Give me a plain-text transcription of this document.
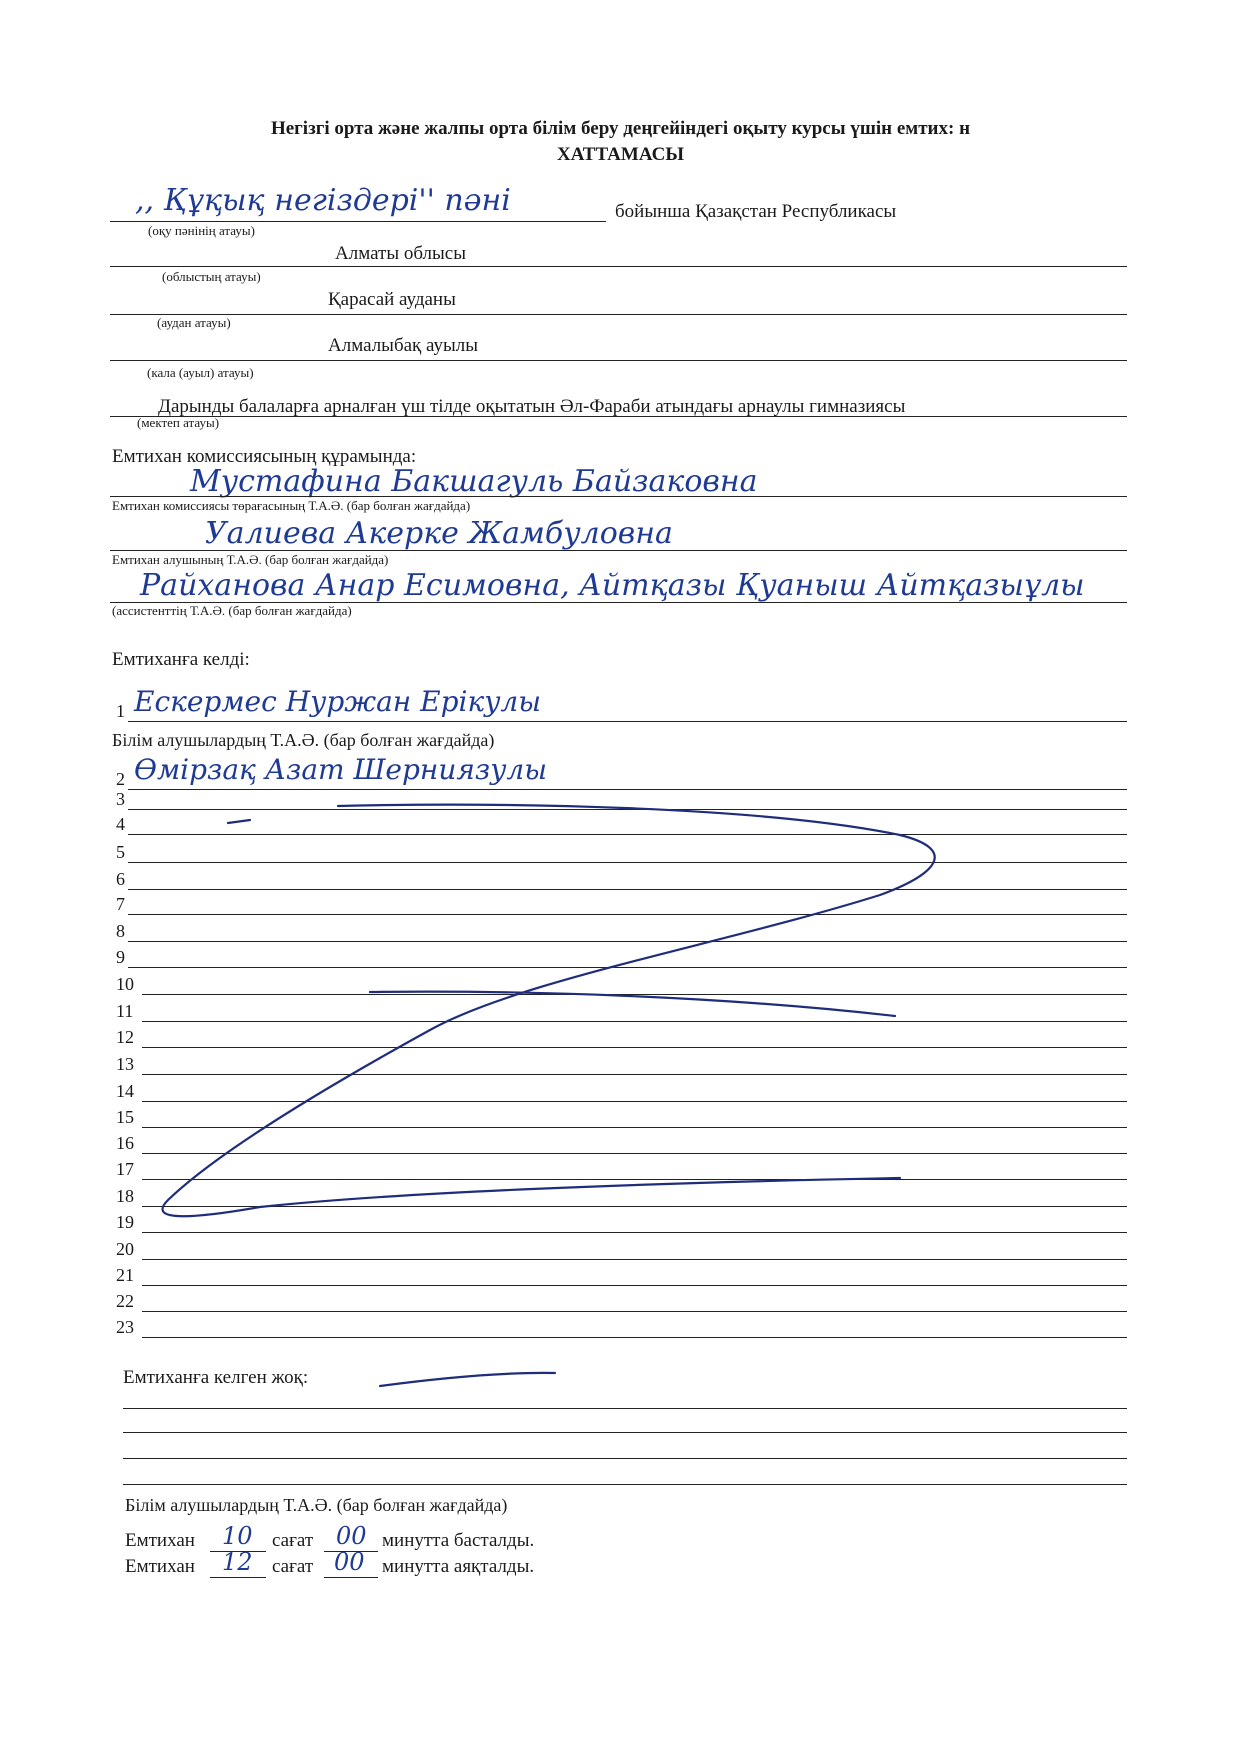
Негізгі орта және жалпы орта білім беру деңгейіндегі оқыту курсы үшін емтих: н
ХАТТАМАСЫ
,, Құқық негіздері'' пәні	бойынша Қазақстан Республикасы
(оқу пәнінің атауы)
Алматы облысы
(облыстың атауы)
Қарасай ауданы
(аудан атауы)
Алмалыбақ ауылы
(кала (ауыл) атауы)
Дарынды балаларға арналған үш тілде оқытатын Әл-Фараби атындағы арнаулы гимназиясы
(мектеп атауы)
Емтихан комиссиясының құрамында:
Мустафина Бакшагуль Байзаковна
Емтихан комиссиясы төрағасының Т.А.Ә. (бар болған жағдайда)
Уалиева Акерке Жамбуловна
Емтихан алушының Т.А.Ә. (бар болған жағдайда)
Райханова Анар Есимовна, Айтқазы Қуаныш Айтқазыұлы
(ассистенттің Т.А.Ә. (бар болған жағдайда)
Емтиханға келді:
1 Ескермес Нуржан Ерікулы
2 Өмірзақ Азат Шерниязулы
3
4
5
6
7
8
9
10
11
12
13
14
15
16
17
18
19
20
21
22
23
Білім алушылардың Т.А.Ә. (бар болған жағдайда)
Емтиханға келген жоқ:
Білім алушылардың Т.А.Ә. (бар болған жағдайда)
Емтихан 10 сағат 00 минутта басталды.
Емтихан 12 сағат 00 минутта аяқталды.
